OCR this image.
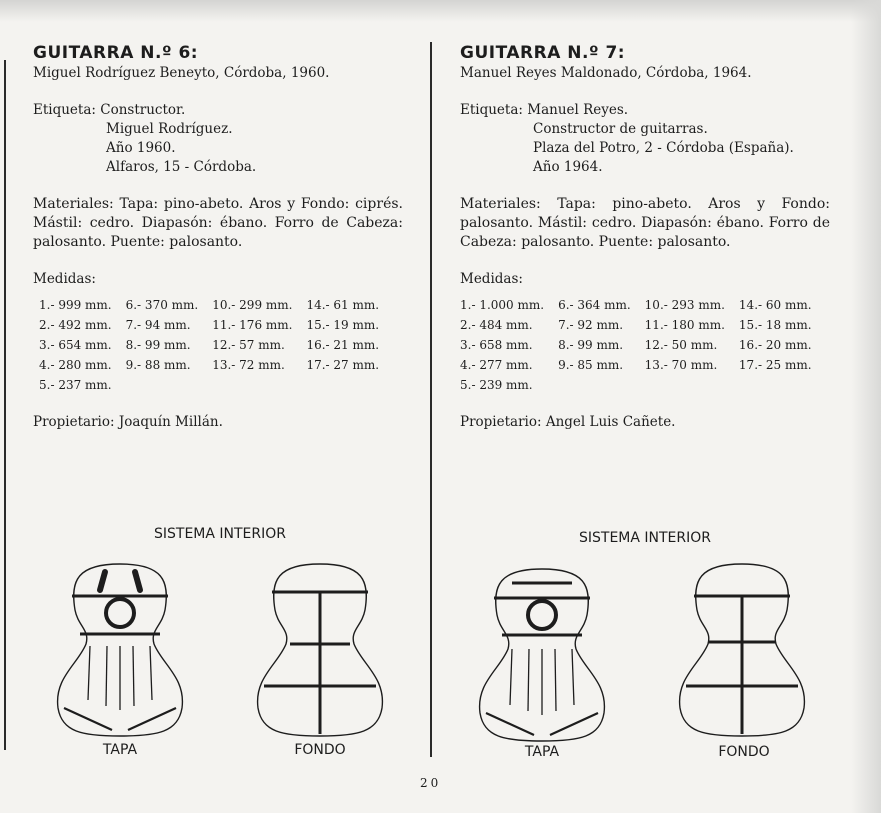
GUITARRA N.º 6:

Miguel Rodríguez Beneyto, Córdoba, 1960.

Etiqueta: Constructor.

Miguel Rodríguez.

Año 1960.

Alfaros, 15 - Córdoba.

Materiales: Tapa: pino-abeto. Aros y Fondo: ciprés. Mástil: cedro. Diapasón: ébano. Forro de Cabeza: palosanto. Puente: palosanto.

Medidas:

1.- 999 mm.	6.- 370 mm.	10.- 299 mm.	14.- 61 mm.
2.- 492 mm.	7.- 94 mm.	11.- 176 mm.	15.- 19 mm.
3.- 654 mm.	8.- 99 mm.	12.- 57 mm.	16.- 21 mm.
4.- 280 mm.	9.- 88 mm.	13.- 72 mm.	17.- 27 mm.
5.- 237 mm.			

Propietario: Joaquín Millán.

GUITARRA N.º 7:

Manuel Reyes Maldonado, Córdoba, 1964.

Etiqueta: Manuel Reyes.

Constructor de guitarras.

Plaza del Potro, 2 - Córdoba (España).

Año 1964.

Materiales: Tapa: pino-abeto. Aros y Fondo: palosanto. Mástil: cedro. Diapasón: ébano. Forro de Cabeza: palosanto. Puente: palosanto.

Medidas:

1.- 1.000 mm.	6.- 364 mm.	10.- 293 mm.	14.- 60 mm.
2.- 484 mm.	7.- 92 mm.	11.- 180 mm.	15.- 18 mm.
3.- 658 mm.	8.- 99 mm.	12.- 50 mm.	16.- 20 mm.
4.- 277 mm.	9.- 85 mm.	13.- 70 mm.	17.- 25 mm.
5.- 239 mm.			

Propietario: Angel Luis Cañete.

SISTEMA INTERIOR	SISTEMA INTERIOR
TAPA	FONDO	TAPA	FONDO
20
